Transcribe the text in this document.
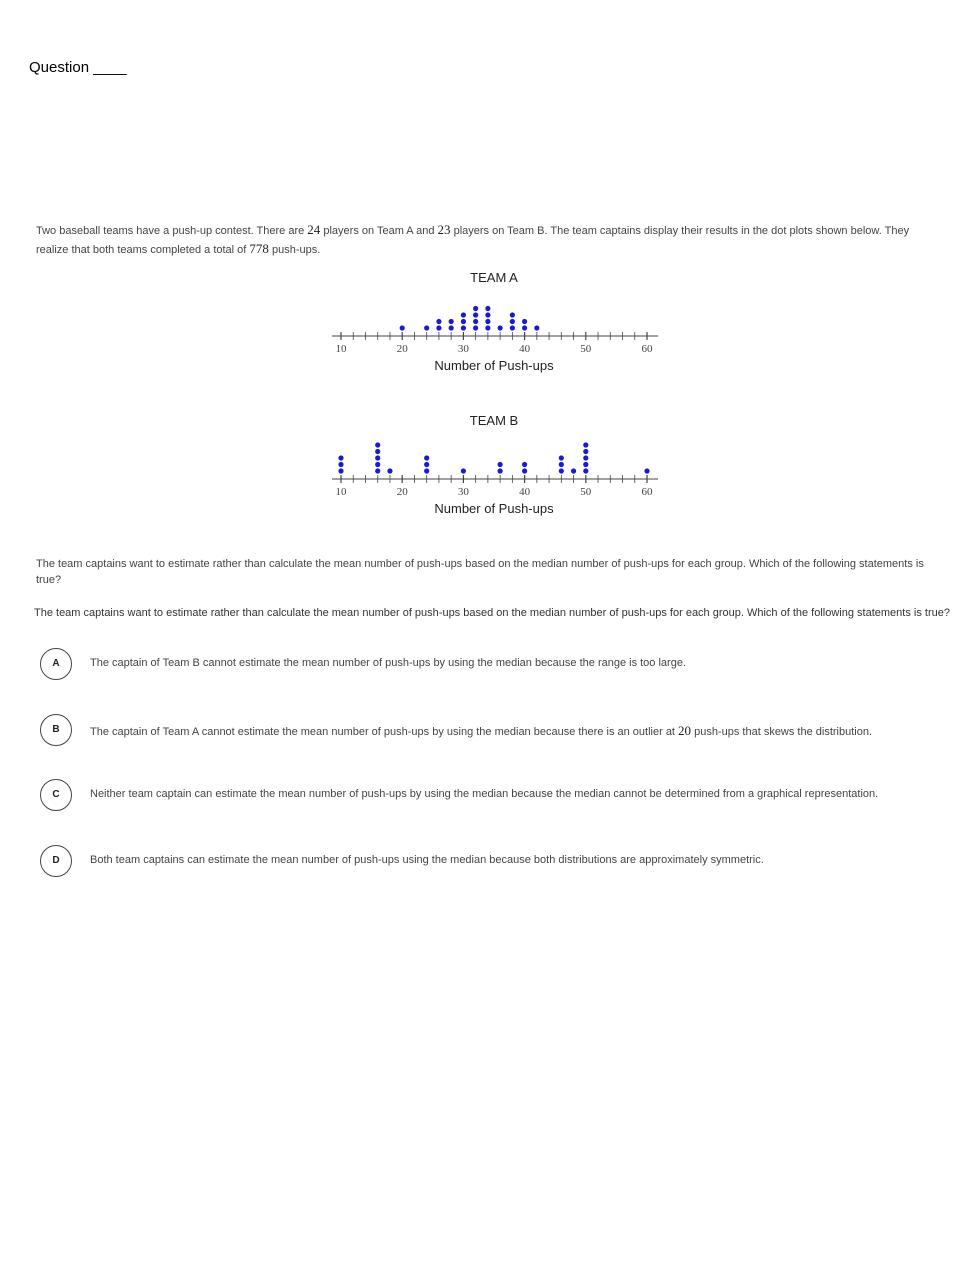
Question ____
Two baseball teams have a push-up contest. There are 24 players on Team A and 23 players on Team B. The team captains display their results in the dot plots shown below. They realize that both teams completed a total of 778 push-ups.
TEAM A
10	20	30	40	50	60
Number of Push-ups
TEAM B
10	20	30	40	50	60
Number of Push-ups
The team captains want to estimate rather than calculate the mean number of push-ups based on the median number of push-ups for each group. Which of the following statements is true?
The team captains want to estimate rather than calculate the mean number of push-ups based on the median number of push-ups for each group. Which of the following statements is true?
A	The captain of Team B cannot estimate the mean number of push-ups by using the median because the range is too large.
B	The captain of Team A cannot estimate the mean number of push-ups by using the median because there is an outlier at 20 push-ups that skews the distribution.
C	Neither team captain can estimate the mean number of push-ups by using the median because the median cannot be determined from a graphical representation.
D	Both team captains can estimate the mean number of push-ups using the median because both distributions are approximately symmetric.
